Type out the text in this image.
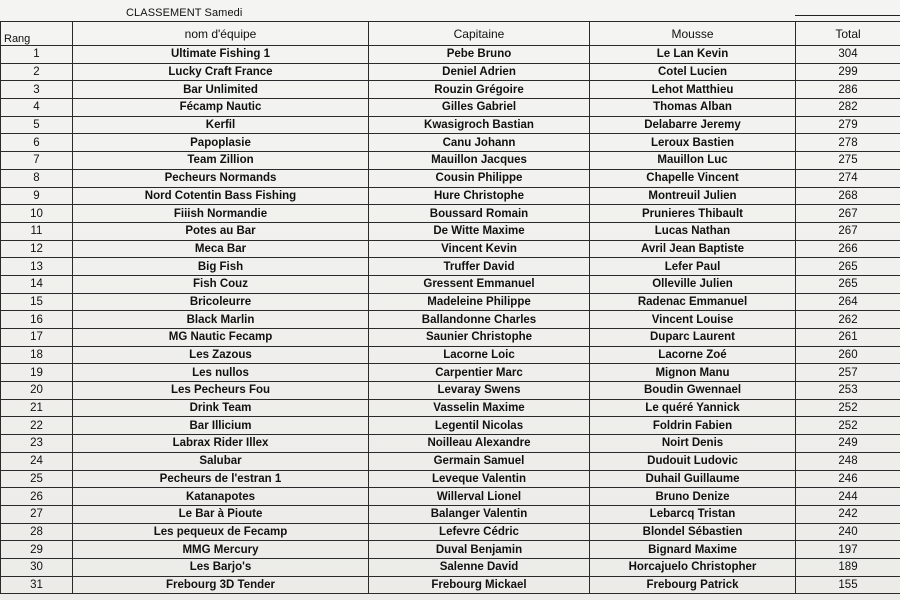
CLASSEMENT Samedi
Rang	nom d'équipe	Capitaine	Mousse	Total
1	Ultimate Fishing 1	Pebe Bruno	Le Lan Kevin	304
2	Lucky Craft France	Deniel Adrien	Cotel Lucien	299
3	Bar Unlimited	Rouzin Grégoire	Lehot Matthieu	286
4	Fécamp Nautic	Gilles Gabriel	Thomas Alban	282
5	Kerfil	Kwasigroch Bastian	Delabarre Jeremy	279
6	Papoplasie	Canu Johann	Leroux Bastien	278
7	Team Zillion	Mauillon Jacques	Mauillon Luc	275
8	Pecheurs Normands	Cousin Philippe	Chapelle Vincent	274
9	Nord Cotentin Bass Fishing	Hure Christophe	Montreuil Julien	268
10	Fiiish Normandie	Boussard Romain	Prunieres Thibault	267
11	Potes au Bar	De Witte Maxime	Lucas Nathan	267
12	Meca Bar	Vincent Kevin	Avril Jean Baptiste	266
13	Big Fish	Truffer David	Lefer Paul	265
14	Fish Couz	Gressent Emmanuel	Olleville Julien	265
15	Bricoleurre	Madeleine Philippe	Radenac Emmanuel	264
16	Black Marlin	Ballandonne Charles	Vincent Louise	262
17	MG Nautic Fecamp	Saunier Christophe	Duparc Laurent	261
18	Les Zazous	Lacorne Loic	Lacorne Zoé	260
19	Les nullos	Carpentier Marc	Mignon Manu	257
20	Les Pecheurs Fou	Levaray Swens	Boudin Gwennael	253
21	Drink Team	Vasselin Maxime	Le quéré Yannick	252
22	Bar Illicium	Legentil Nicolas	Foldrin Fabien	252
23	Labrax Rider Illex	Noilleau Alexandre	Noirt Denis	249
24	Salubar	Germain Samuel	Dudouit Ludovic	248
25	Pecheurs de l'estran 1	Leveque Valentin	Duhail Guillaume	246
26	Katanapotes	Willerval Lionel	Bruno Denize	244
27	Le Bar à Pioute	Balanger Valentin	Lebarcq Tristan	242
28	Les pequeux de Fecamp	Lefevre Cédric	Blondel Sébastien	240
29	MMG Mercury	Duval Benjamin	Bignard Maxime	197
30	Les Barjo's	Salenne David	Horcajuelo Christopher	189
31	Frebourg 3D Tender	Frebourg Mickael	Frebourg Patrick	155
